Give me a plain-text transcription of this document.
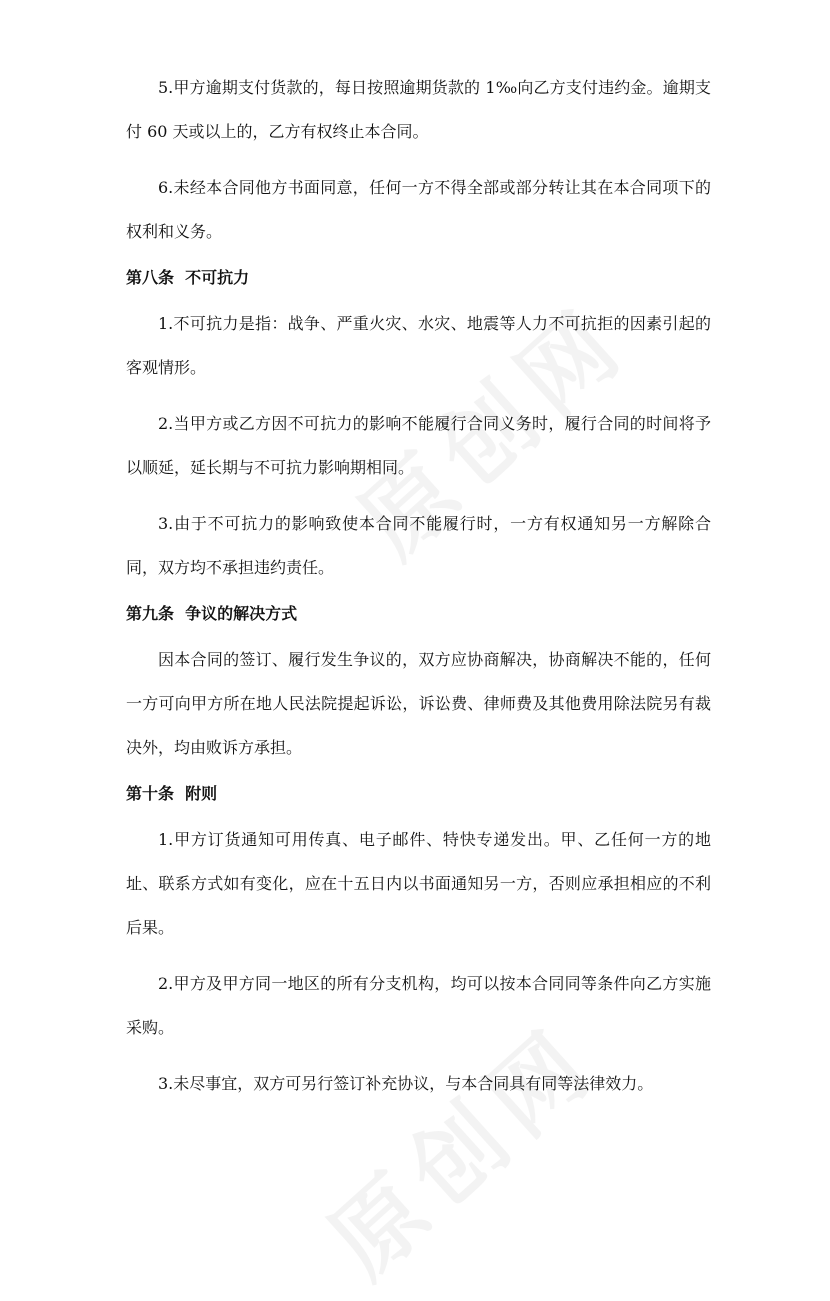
5.甲方逾期支付货款的，每日按照逾期货款的 1‰向乙方支付违约金。逾期支付 60 天或以上的，乙方有权终止本合同。

6.未经本合同他方书面同意，任何一方不得全部或部分转让其在本合同项下的权利和义务。

第八条  不可抗力

1.不可抗力是指：战争、严重火灾、水灾、地震等人力不可抗拒的因素引起的客观情形。

2.当甲方或乙方因不可抗力的影响不能履行合同义务时，履行合同的时间将予以顺延，延长期与不可抗力影响期相同。

3.由于不可抗力的影响致使本合同不能履行时，一方有权通知另一方解除合同，双方均不承担违约责任。

第九条  争议的解决方式

因本合同的签订、履行发生争议的，双方应协商解决，协商解决不能的，任何一方可向甲方所在地人民法院提起诉讼，诉讼费、律师费及其他费用除法院另有裁决外，均由败诉方承担。

第十条  附则

1.甲方订货通知可用传真、电子邮件、特快专递发出。甲、乙任何一方的地址、联系方式如有变化，应在十五日内以书面通知另一方，否则应承担相应的不利后果。

2.甲方及甲方同一地区的所有分支机构，均可以按本合同同等条件向乙方实施采购。

3.未尽事宜，双方可另行签订补充协议，与本合同具有同等法律效力。
